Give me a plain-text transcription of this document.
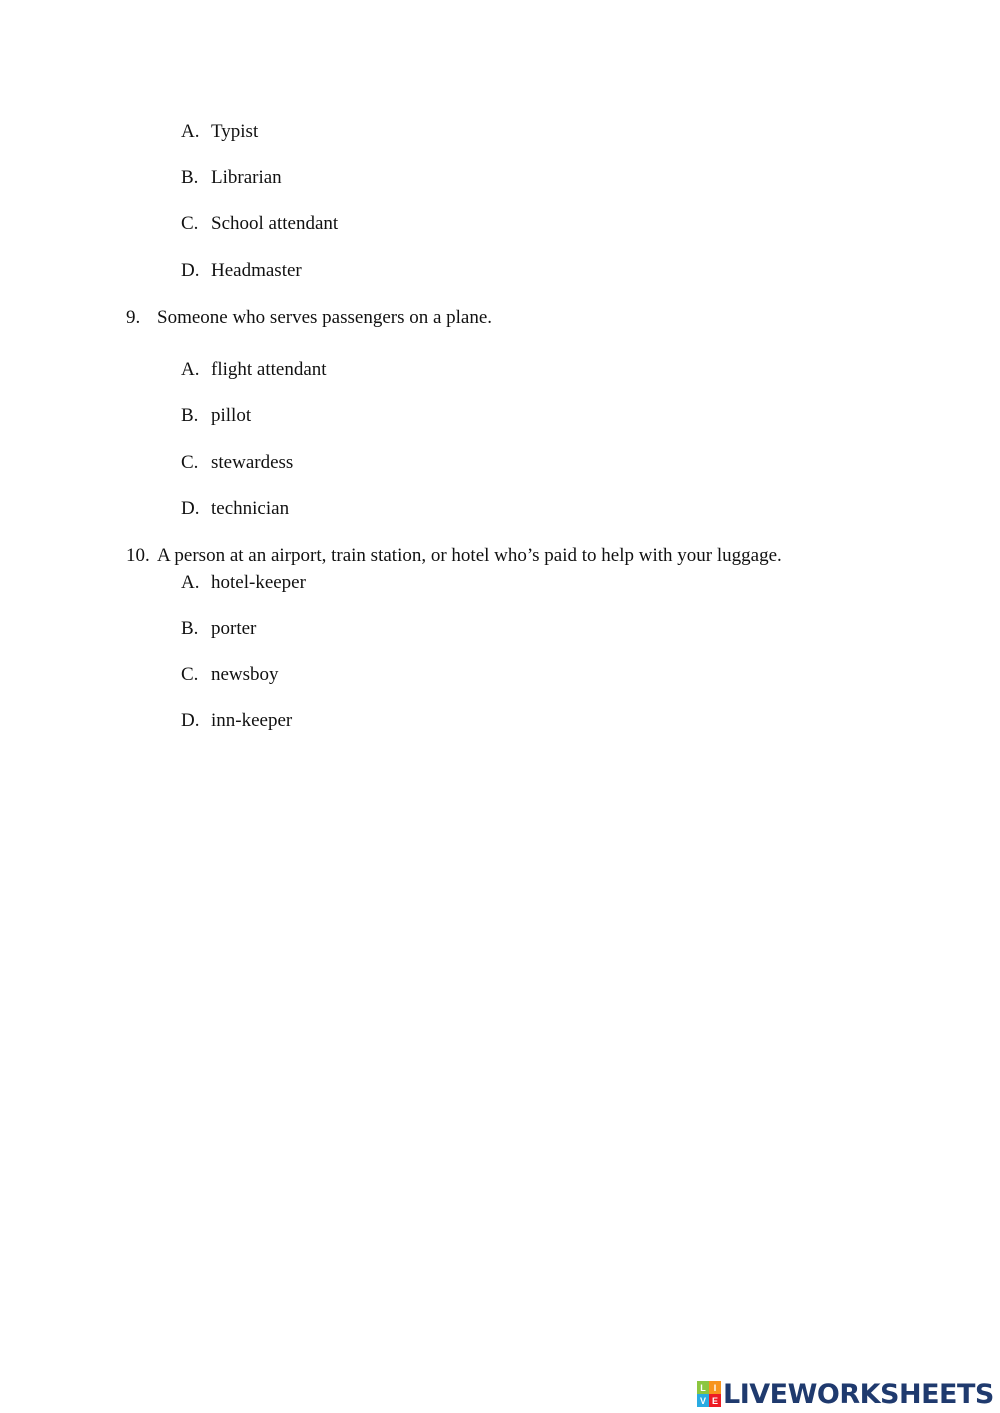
A. Typist
B. Librarian
C. School attendant
D. Headmaster
9. Someone who serves passengers on a plane.
A. flight attendant
B. pillot
C. stewardess
D. technician
10. A person at an airport, train station, or hotel who’s paid to help with your luggage.
A. hotel-keeper
B. porter
C. newsboy
D. inn-keeper
L I
V E LIVEWORKSHEETS
